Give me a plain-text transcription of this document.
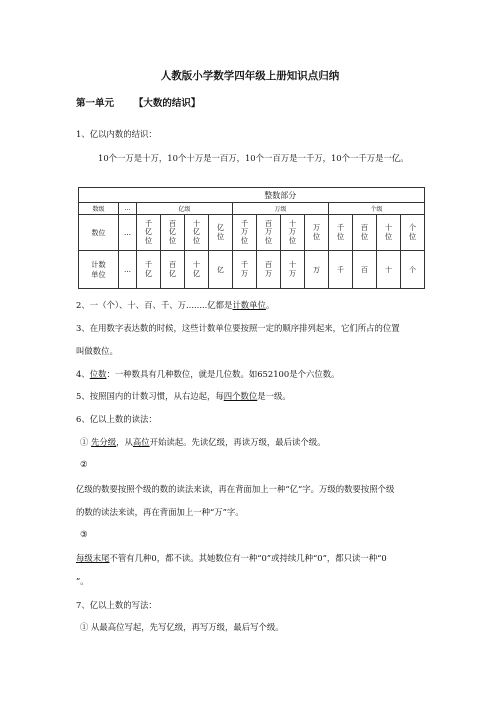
人教版小学数学四年级上册知识点归纳
第一单元 【大数的结识】
1、亿以内数的结识：
10个一万是十万，10个十万是一百万，10个一百万是一千万，10个一千万是一亿。
		整数部分											
数级	…	亿级				万级				个级			
数位	…	千亿位	百亿位	十亿位	亿位	千万位	百万位	十万位	万位	千位	百位	十位	个位
计数单位	…	千亿	百亿	十亿	亿	千万	百万	十万	万	千	百	十	个
2、一（个）、十、百、千、万........亿都是计数单位。
3、在用数字表达数的时候，这些计数单位要按照一定的顺序排列起来，它们所占的位置
叫做数位。
4、位数：一种数具有几种数位，就是几位数。如652100是个六位数。
5、按照国内的计数习惯，从右边起，每四个数位是一级。
6、亿以上数的读法：
① 先分级，从高位开始读起。先读亿级，再读万级，最后读个级。
②
亿级的数要按照个级的数的读法来读，再在背面加上一种“亿”字。万级的数要按照个级
的数的读法来读，再在背面加上一种“万”字。
③
每级末尾不管有几种0，都不读。其她数位有一种“0”或持续几种“0”，都只读一种“0
”。
7、亿以上数的写法：
① 从最高位写起，先写亿级，再写万级，最后写个级。
